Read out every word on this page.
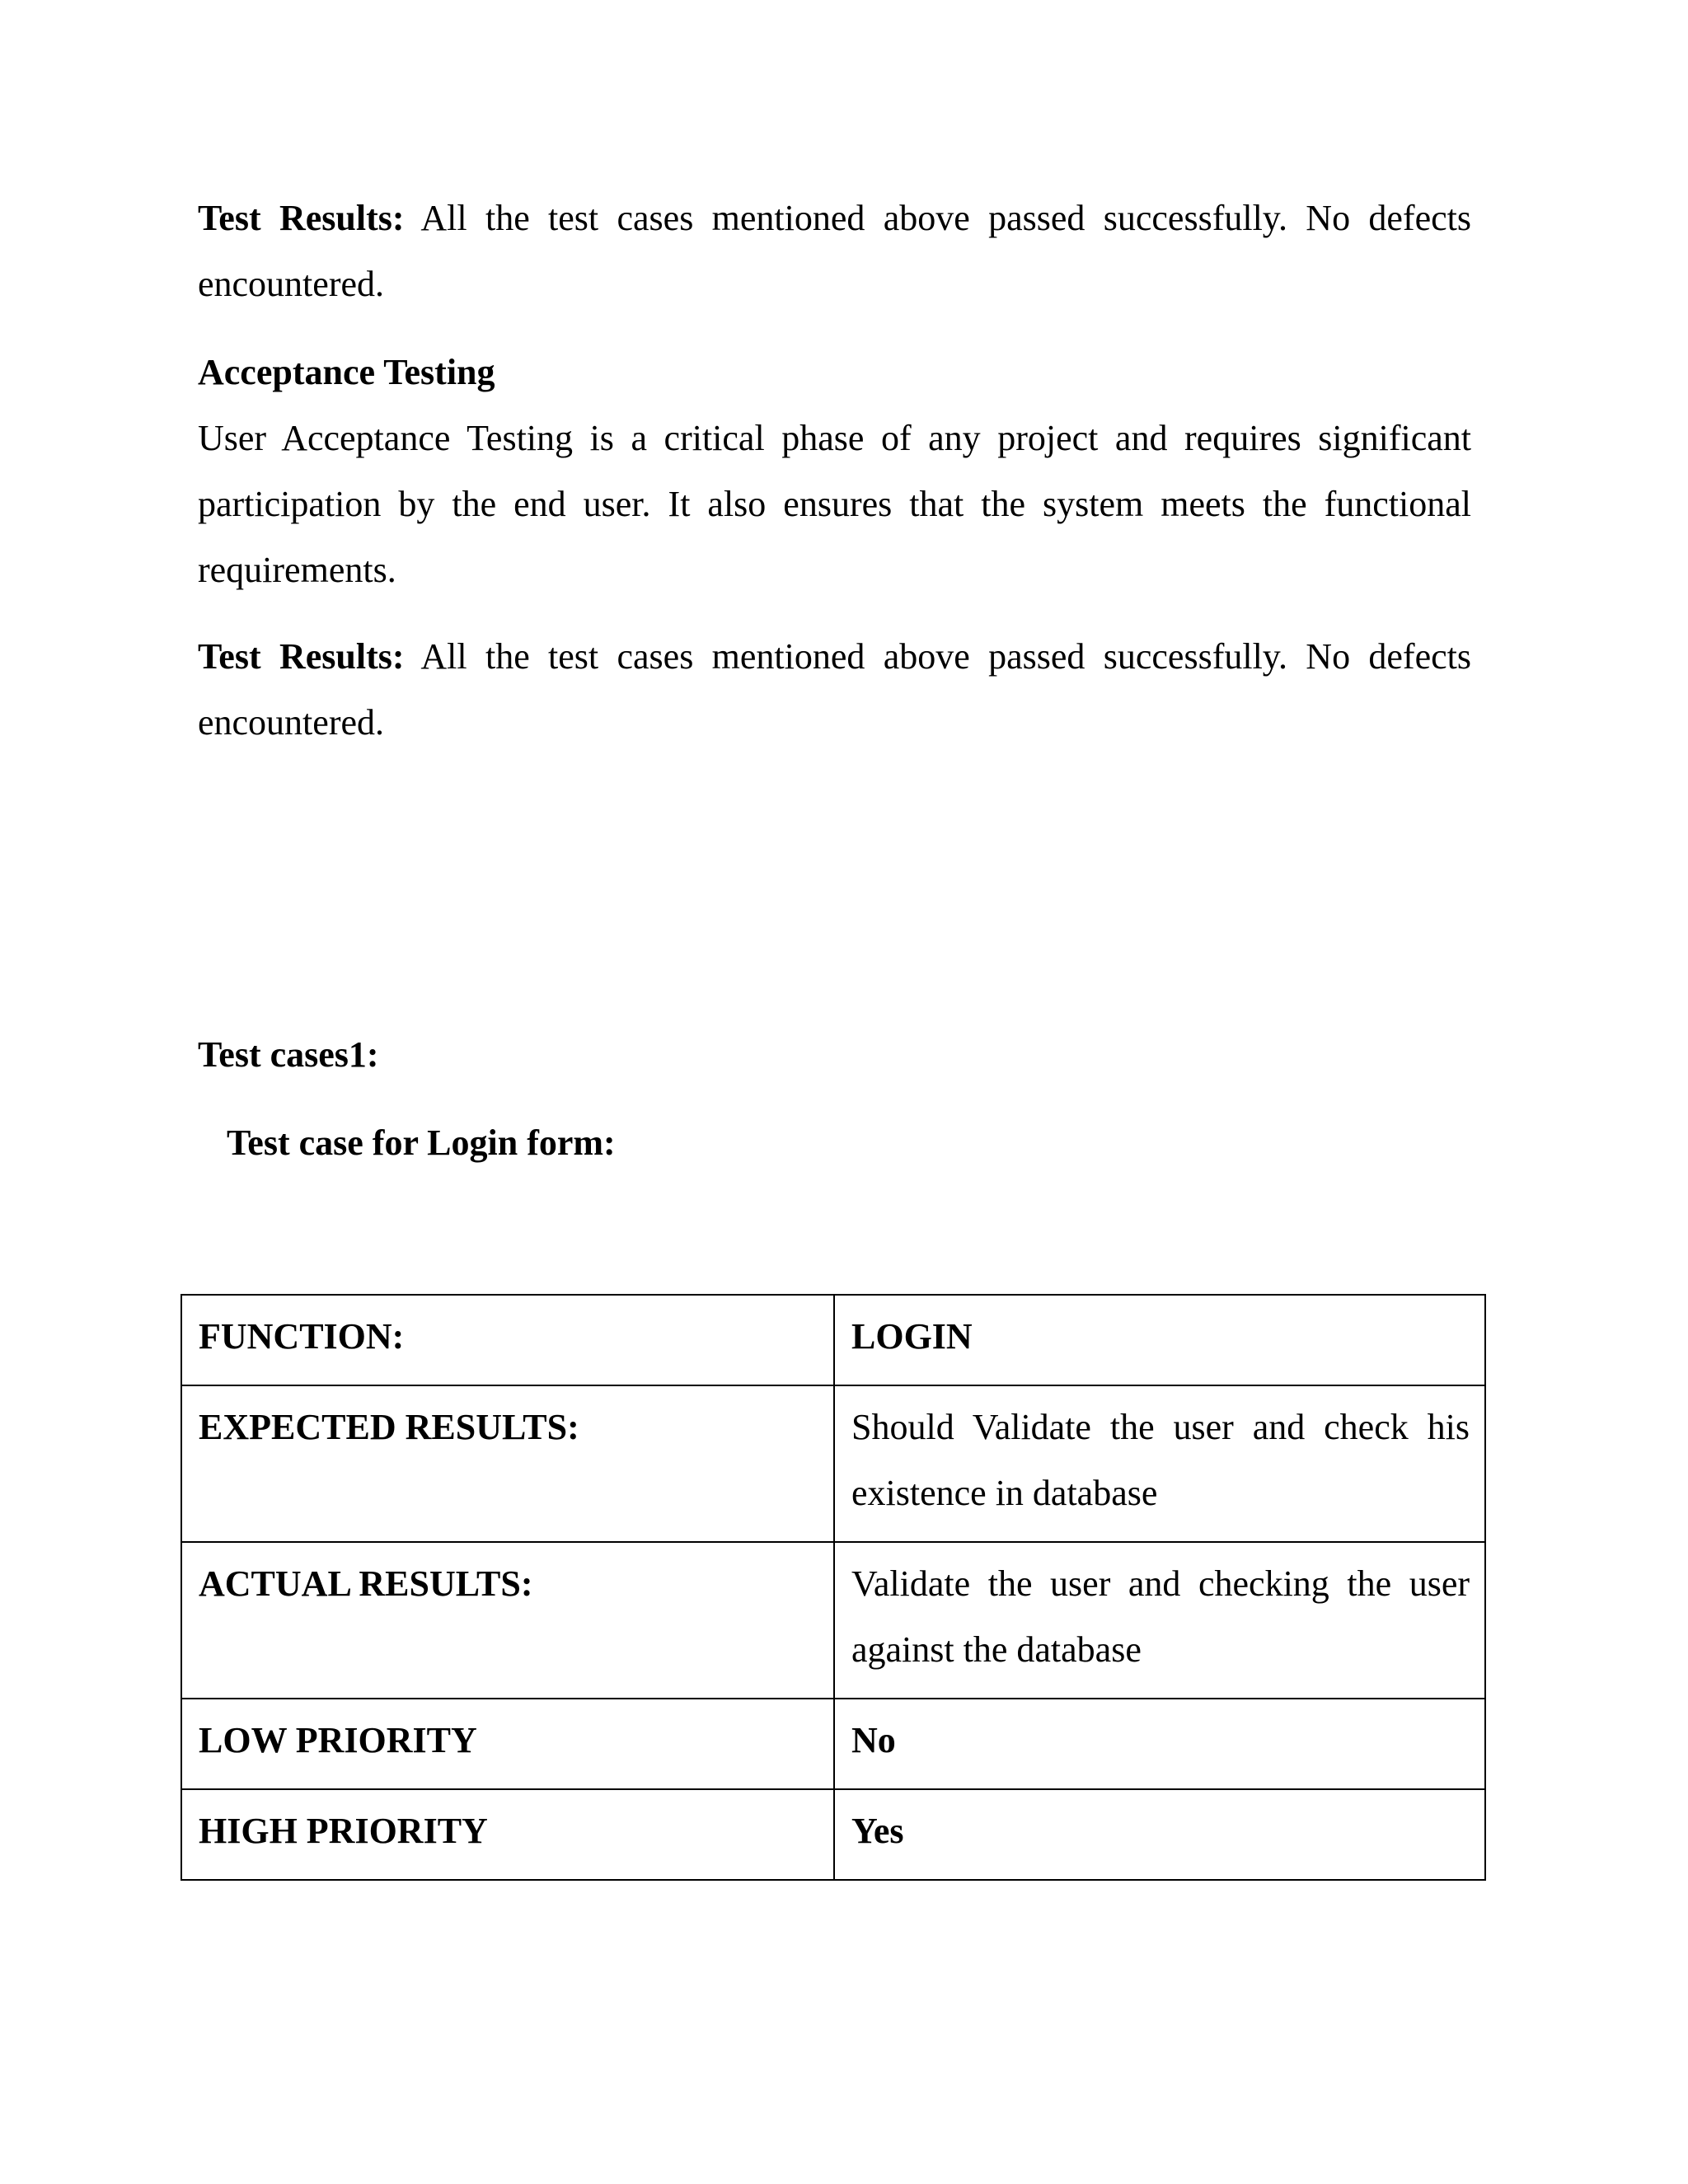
Test Results: All the test cases mentioned above passed successfully. No defects encountered.

Acceptance Testing

User Acceptance Testing is a critical phase of any project and requires significant participation by the end user. It also ensures that the system meets the functional requirements.

Test Results: All the test cases mentioned above passed successfully. No defects encountered.

Test cases1:

Test case for Login form:

FUNCTION:	LOGIN
EXPECTED RESULTS:	Should Validate the user and check his existence in database
ACTUAL RESULTS:	Validate the user and checking the user against the database
LOW PRIORITY	No
HIGH PRIORITY	Yes
